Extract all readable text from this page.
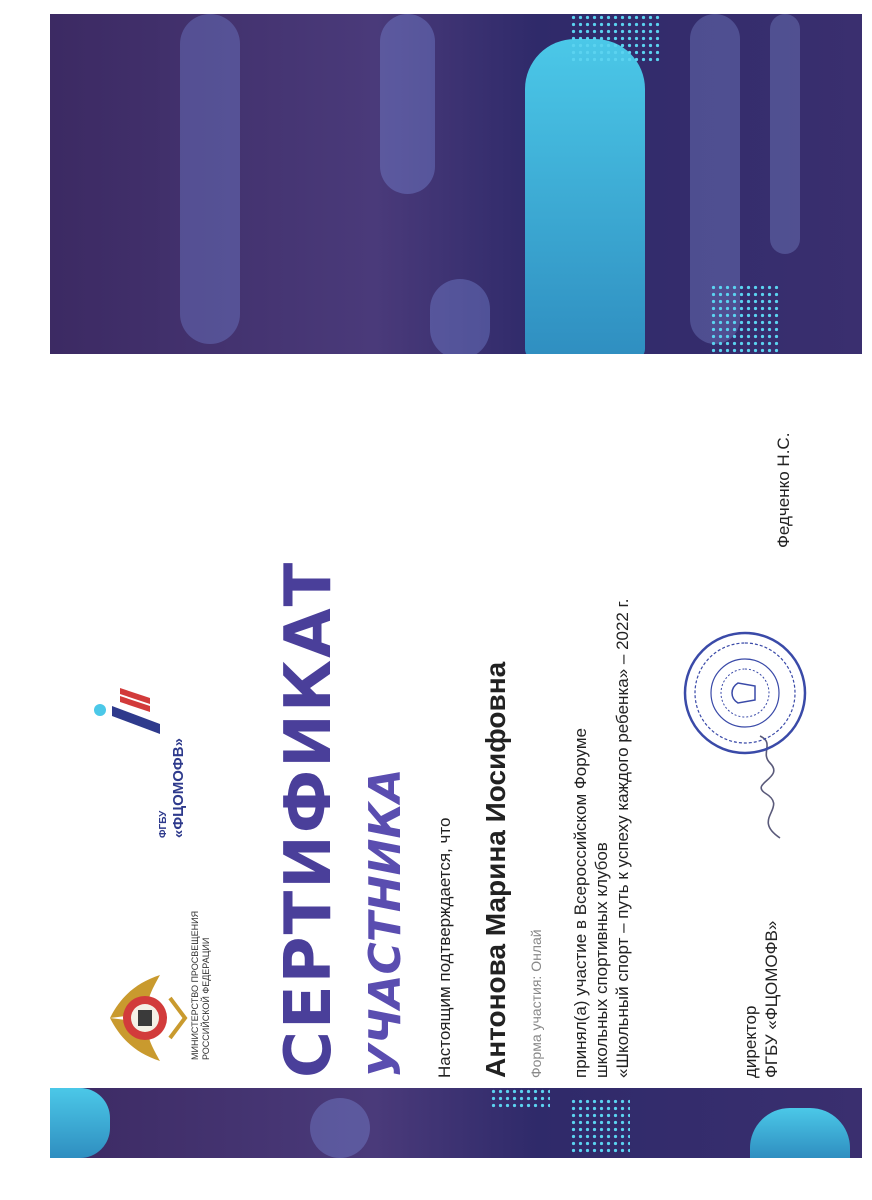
МИНИСТЕРСТВО ПРОСВЕЩЕНИЯ РОССИЙСКОЙ ФЕДЕРАЦИИ
ФГБУ «ФЦОМОФВ» СЕРТИФИКАТ УЧАСТНИКА Настоящим подтверждается, что Антонова Марина Иосифовна Форма участия: Онлай принял(а) участие в Всероссийском Форуме школьных спортивных клубов «Школьный спорт – путь к успеху каждого ребенка» – 2022 г.	директор ФГБУ «ФЦОМОФВ»
Федченко Н.С.
